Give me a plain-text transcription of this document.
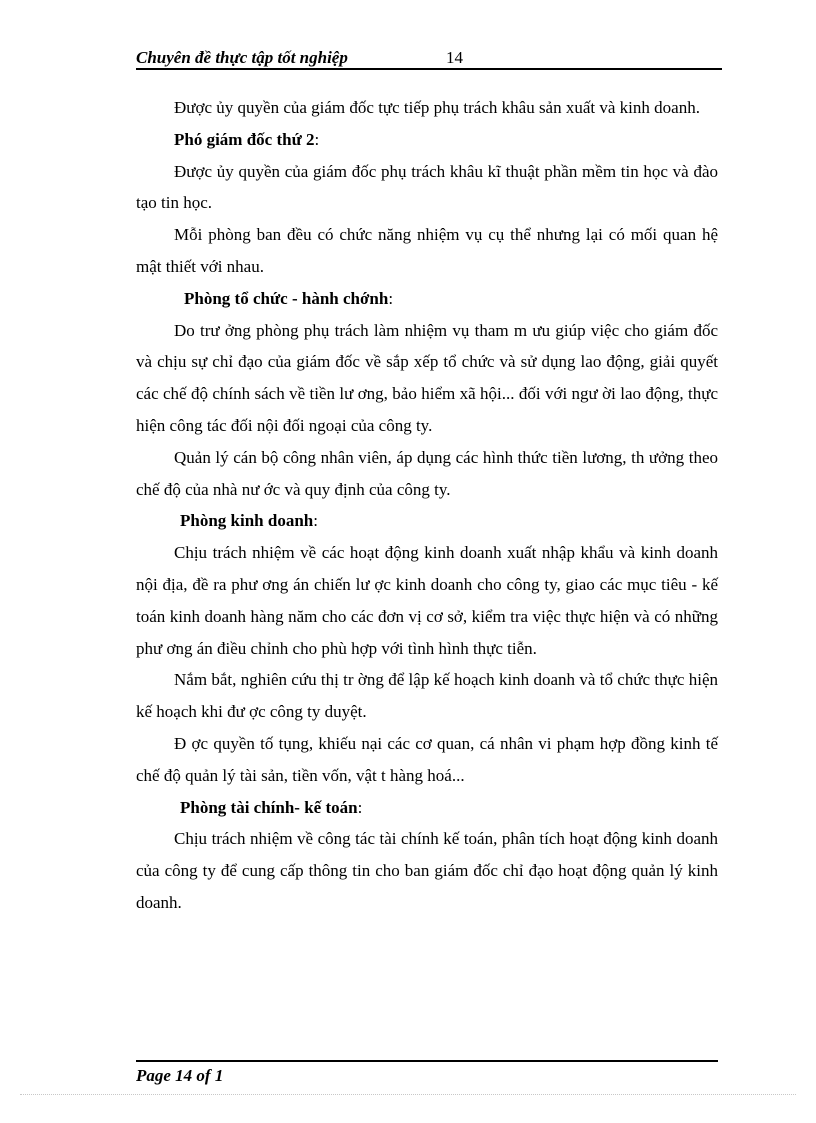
Chuyên đề thực tập tốt nghiệp	14

Được ủy quyền của giám đốc tực tiếp phụ trách khâu sản xuất và kinh doanh.

Phó giám đốc thứ 2:

Được ủy quyền của giám đốc phụ trách khâu kĩ thuật phần mềm tin học và đào tạo tin học.

Mỗi phòng ban đều có chức năng nhiệm vụ cụ thể nhưng lại có mối quan hệ mật thiết với nhau.

Phòng tổ chức - hành chớnh:

Do trư ởng phòng phụ trách làm nhiệm vụ tham m ưu giúp việc cho giám đốc và chịu sự chỉ đạo của giám đốc về sắp xếp tổ chức và sử dụng lao động, giải quyết các chế độ chính sách về tiền lư ơng, bảo hiểm xã hội... đối với ngư ời lao động, thực hiện công tác đối nội đối ngoại của công ty.

Quản lý cán bộ công nhân viên, áp dụng các hình thức tiền lương, th ưởng theo chế độ của nhà nư ớc và quy định của công ty.

Phòng kinh doanh:

Chịu trách nhiệm về các hoạt động kinh doanh xuất nhập khẩu và kinh doanh nội địa, đề ra phư ơng án chiến lư ợc kinh doanh cho công ty, giao các mục tiêu - kế toán kinh doanh hàng năm cho các đơn vị cơ sở, kiểm tra việc thực hiện và có những phư ơng án điều chỉnh cho phù hợp với tình hình thực tiễn.

Nắm bắt, nghiên cứu thị tr ờng để lập kế hoạch kinh doanh và tổ chức thực hiện kế hoạch khi đư ợc công ty duyệt.

Đ ợc quyền tố tụng, khiếu nại các cơ quan, cá nhân vi phạm hợp đồng kinh tế chế độ quản lý tài sản, tiền vốn, vật t hàng hoá...

Phòng tài chính- kế toán:

Chịu trách nhiệm về công tác tài chính kế toán, phân tích hoạt động kinh doanh của công ty để cung cấp thông tin cho ban giám đốc chỉ đạo hoạt động quản lý kinh doanh.

Page 14 of 1
